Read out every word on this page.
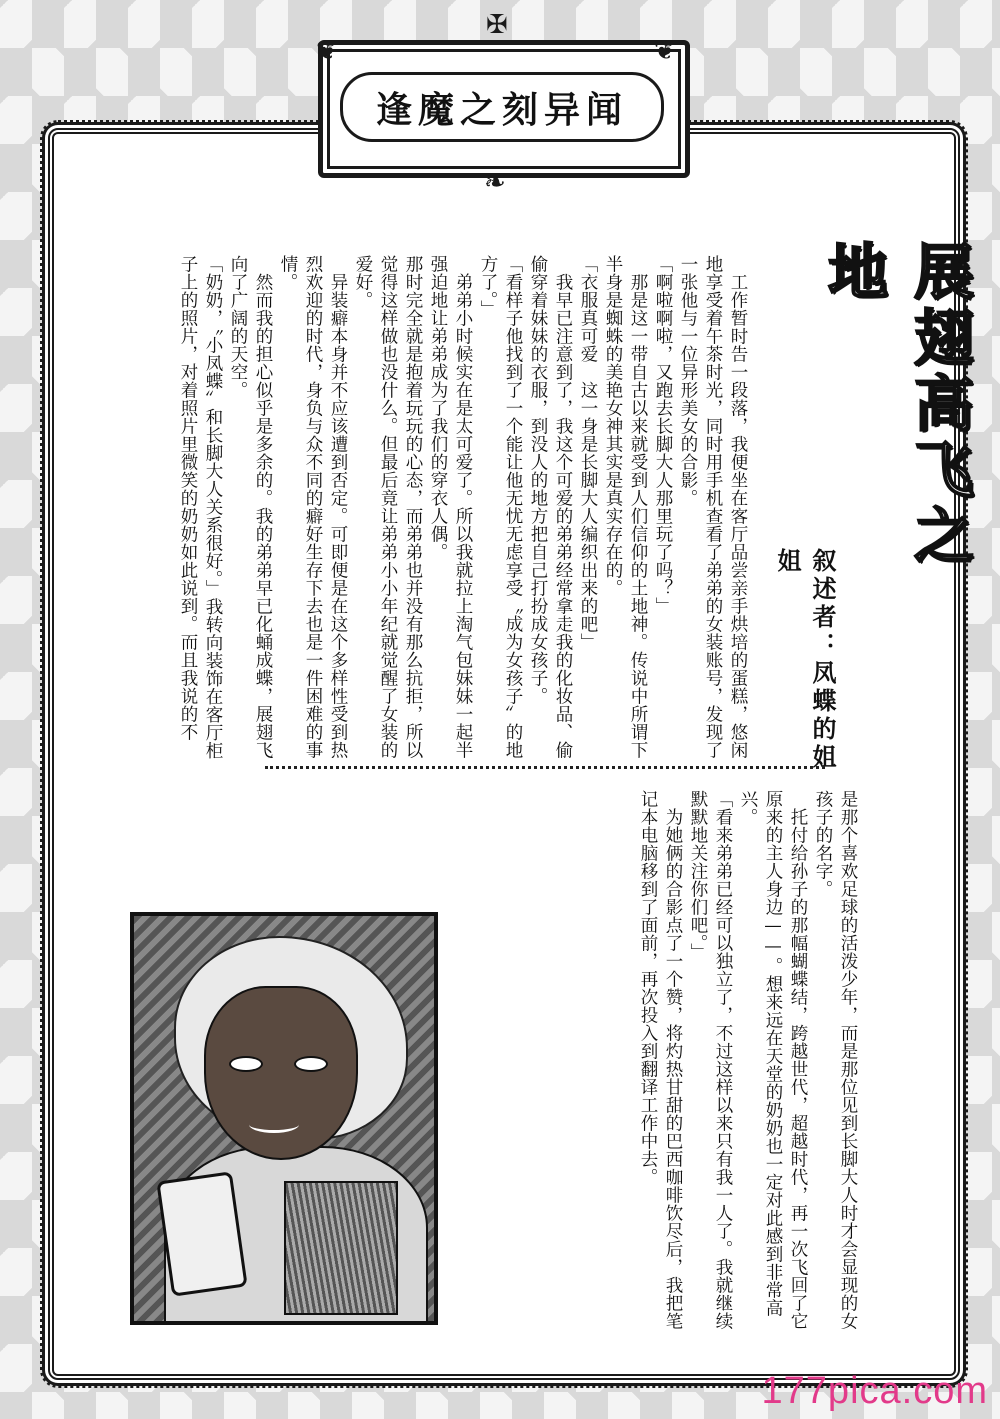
❦	❦
✠
❧
逢魔之刻异闻
展翅高飞之地
叙述者：凤蝶的姐姐

　工作暂时告一段落，我便坐在客厅品尝亲手烘培的蛋糕，悠闲地享受着午茶时光，同时用手机查看了弟弟的女装账号，发现了一张他与一位异形美女的合影。

「啊啦啊啦，又跑去长脚大人那里玩了吗？」

　那是这一带自古以来就受到人们信仰的土地神。传说中所谓下半身是蜘蛛的美艳女神其实是真实存在的。

「衣服真可爱　这一身是长脚大人编织出来的吧」

　我早已注意到了，我这个可爱的弟弟经常拿走我的化妆品、偷偷穿着妹妹的衣服，到没人的地方把自己打扮成女孩子。

「看样子他找到了一个能让他无忧无虑享受〝成为女孩子〟的地方了。」

　弟弟小时候实在是太可爱了。所以我就拉上淘气包妹妹一起半强迫地让弟弟成为了我们的穿衣人偶。

那时完全就是抱着玩玩的心态，而弟弟也并没有那么抗拒，所以觉得这样做也没什么。但最后竟让弟弟小小年纪就觉醒了女装的爱好。

　异装癖本身并不应该遭到否定。可即便是在这个多样性受到热烈欢迎的时代，身负与众不同的癖好生存下去也是一件困难的事情。

　然而我的担心似乎是多余的。我的弟弟早已化蛹成蝶，展翅飞向了广阔的天空。

「奶奶，〝小凤蝶〟和长脚大人关系很好。」我转向装饰在客厅柜子上的照片，对着照片里微笑的奶奶如此说到。而且我说的不

是那个喜欢足球的活泼少年，而是那位见到长脚大人时才会显现的女孩子的名字。

　托付给孙子的那幅蝴蝶结，跨越世代，超越时代，再一次飞回了它原来的主人身边——。想来远在天堂的奶奶也一定对此感到非常高兴。

「看来弟弟已经可以独立了，不过这样以来只有我一人了。我就继续默默地关注你们吧。」

　为她俩的合影点了一个赞，将灼热甘甜的巴西咖啡饮尽后，我把笔记本电脑移到了面前，再次投入到翻译工作中去。

177pica.com
